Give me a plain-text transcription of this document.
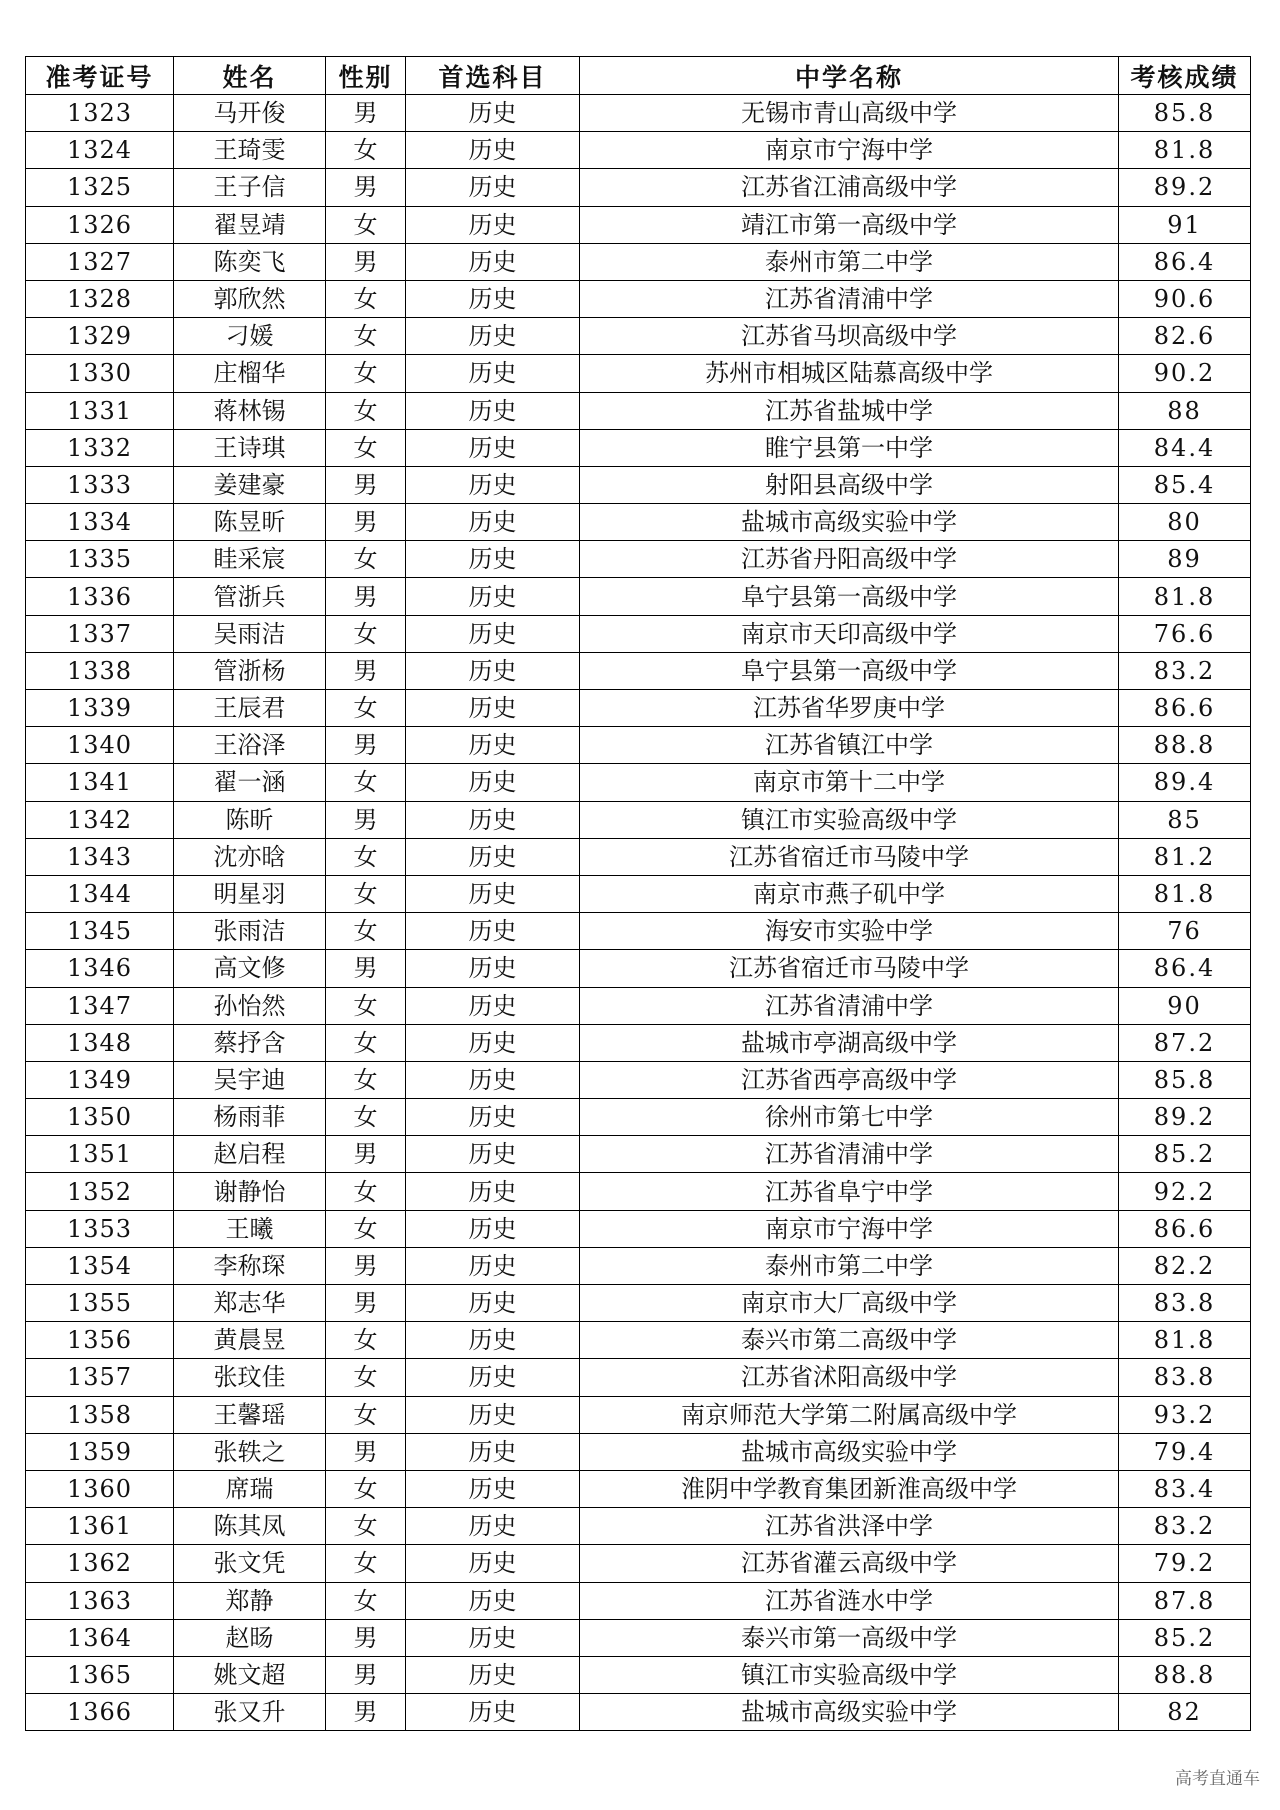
准考证号	姓名	性别	首选科目	中学名称	考核成绩
1323	马开俊	男	历史	无锡市青山高级中学	85.8
1324	王琦雯	女	历史	南京市宁海中学	81.8
1325	王子信	男	历史	江苏省江浦高级中学	89.2
1326	翟昱靖	女	历史	靖江市第一高级中学	91
1327	陈奕飞	男	历史	泰州市第二中学	86.4
1328	郭欣然	女	历史	江苏省清浦中学	90.6
1329	刁媛	女	历史	江苏省马坝高级中学	82.6
1330	庄榴华	女	历史	苏州市相城区陆慕高级中学	90.2
1331	蒋林锡	女	历史	江苏省盐城中学	88
1332	王诗琪	女	历史	睢宁县第一中学	84.4
1333	姜建豪	男	历史	射阳县高级中学	85.4
1334	陈昱昕	男	历史	盐城市高级实验中学	80
1335	眭采宸	女	历史	江苏省丹阳高级中学	89
1336	管浙兵	男	历史	阜宁县第一高级中学	81.8
1337	吴雨洁	女	历史	南京市天印高级中学	76.6
1338	管浙杨	男	历史	阜宁县第一高级中学	83.2
1339	王辰君	女	历史	江苏省华罗庚中学	86.6
1340	王浴泽	男	历史	江苏省镇江中学	88.8
1341	翟一涵	女	历史	南京市第十二中学	89.4
1342	陈昕	男	历史	镇江市实验高级中学	85
1343	沈亦晗	女	历史	江苏省宿迁市马陵中学	81.2
1344	明星羽	女	历史	南京市燕子矶中学	81.8
1345	张雨洁	女	历史	海安市实验中学	76
1346	高文修	男	历史	江苏省宿迁市马陵中学	86.4
1347	孙怡然	女	历史	江苏省清浦中学	90
1348	蔡抒含	女	历史	盐城市亭湖高级中学	87.2
1349	吴宇迪	女	历史	江苏省西亭高级中学	85.8
1350	杨雨菲	女	历史	徐州市第七中学	89.2
1351	赵启程	男	历史	江苏省清浦中学	85.2
1352	谢静怡	女	历史	江苏省阜宁中学	92.2
1353	王曦	女	历史	南京市宁海中学	86.6
1354	李称琛	男	历史	泰州市第二中学	82.2
1355	郑志华	男	历史	南京市大厂高级中学	83.8
1356	黄晨昱	女	历史	泰兴市第二高级中学	81.8
1357	张玟佳	女	历史	江苏省沭阳高级中学	83.8
1358	王馨瑶	女	历史	南京师范大学第二附属高级中学	93.2
1359	张轶之	男	历史	盐城市高级实验中学	79.4
1360	席瑞	女	历史	淮阴中学教育集团新淮高级中学	83.4
1361	陈其凤	女	历史	江苏省洪泽中学	83.2
1362	张文凭	女	历史	江苏省灌云高级中学	79.2
1363	郑静	女	历史	江苏省涟水中学	87.8
1364	赵旸	男	历史	泰兴市第一高级中学	85.2
1365	姚文超	男	历史	镇江市实验高级中学	88.8
1366	张又升	男	历史	盐城市高级实验中学	82
高考直通车
